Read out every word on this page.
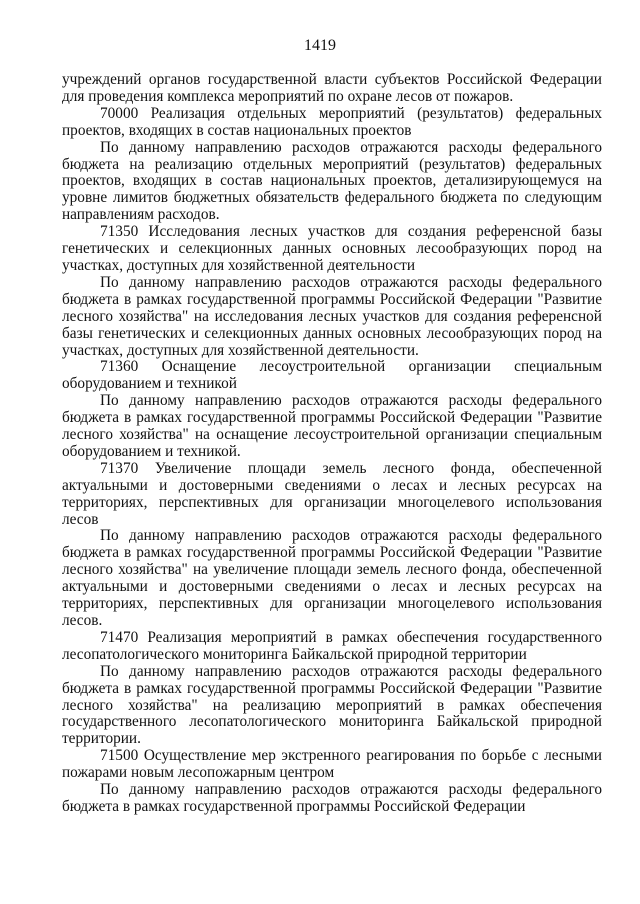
1419

учреждений органов государственной власти субъектов Российской Федерации для проведения комплекса мероприятий по охране лесов от пожаров.

70000 Реализация отдельных мероприятий (результатов) федеральных проектов, входящих в состав национальных проектов

По данному направлению расходов отражаются расходы федерального бюджета на реализацию отдельных мероприятий (результатов) федеральных проектов, входящих в состав национальных проектов, детализирующемуся на уровне лимитов бюджетных обязательств федерального бюджета по следующим направлениям расходов.

71350 Исследования лесных участков для создания референсной базы генетических и селекционных данных основных лесообразующих пород на участках, доступных для хозяйственной деятельности

По данному направлению расходов отражаются расходы федерального бюджета в рамках государственной программы Российской Федерации "Развитие лесного хозяйства" на исследования лесных участков для создания референсной базы генетических и селекционных данных основных лесообразующих пород на участках, доступных для хозяйственной деятельности.

71360 Оснащение лесоустроительной организации специальным оборудованием и техникой

По данному направлению расходов отражаются расходы федерального бюджета в рамках государственной программы Российской Федерации "Развитие лесного хозяйства" на оснащение лесоустроительной организации специальным оборудованием и техникой.

71370 Увеличение площади земель лесного фонда, обеспеченной актуальными и достоверными сведениями о лесах и лесных ресурсах на территориях, перспективных для организации многоцелевого использования лесов

По данному направлению расходов отражаются расходы федерального бюджета в рамках государственной программы Российской Федерации "Развитие лесного хозяйства" на увеличение площади земель лесного фонда, обеспеченной актуальными и достоверными сведениями о лесах и лесных ресурсах на территориях, перспективных для организации многоцелевого использования лесов.

71470 Реализация мероприятий в рамках обеспечения государственного лесопатологического мониторинга Байкальской природной территории

По данному направлению расходов отражаются расходы федерального бюджета в рамках государственной программы Российской Федерации "Развитие лесного хозяйства" на реализацию мероприятий в рамках обеспечения государственного лесопатологического мониторинга Байкальской природной территории.

71500 Осуществление мер экстренного реагирования по борьбе с лесными пожарами новым лесопожарным центром

По данному направлению расходов отражаются расходы федерального бюджета в рамках государственной программы Российской Федерации
